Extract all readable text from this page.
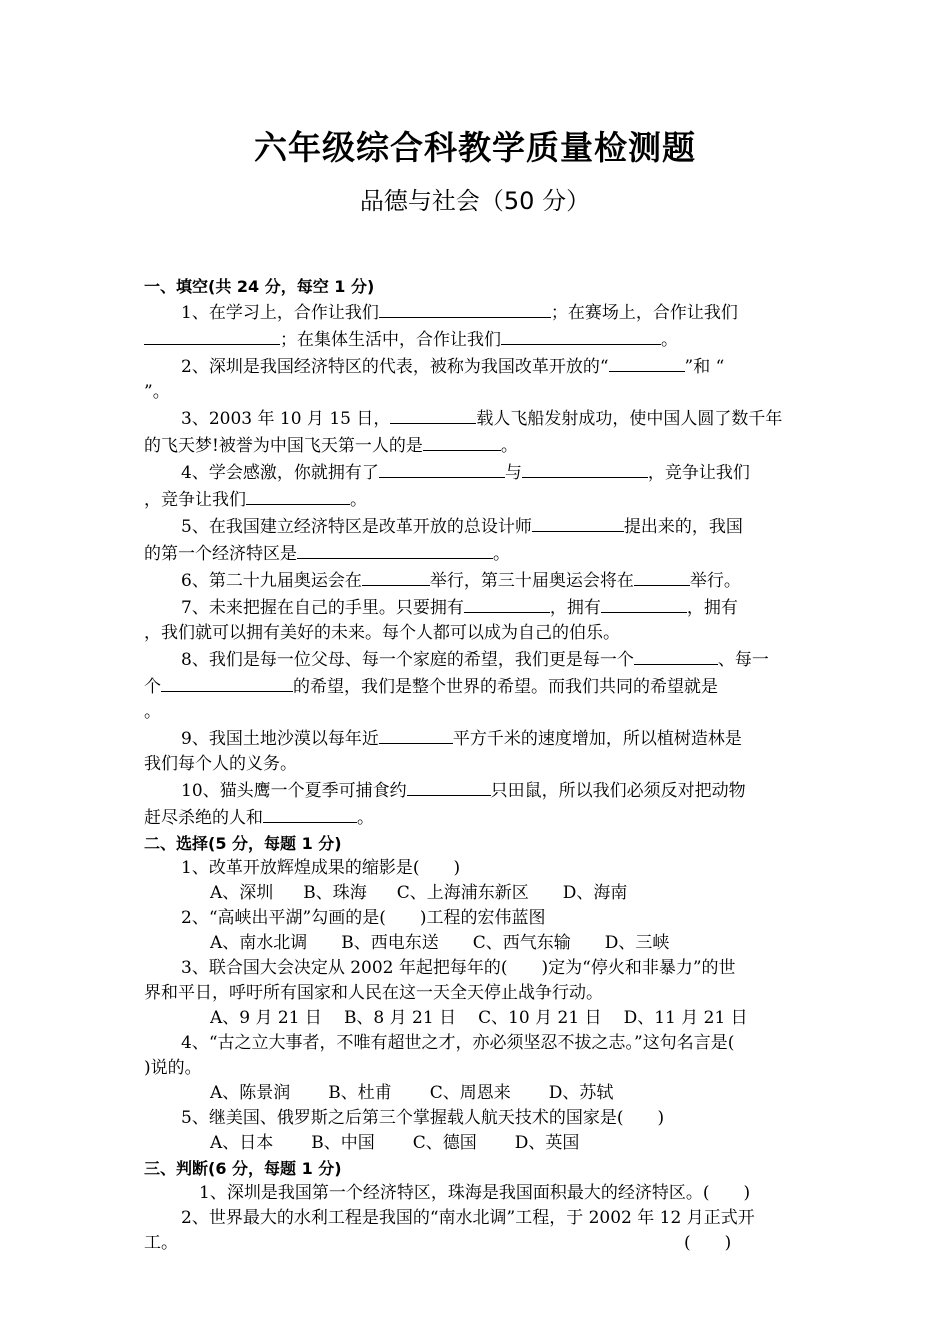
六年级综合科教学质量检测题
品德与社会（50 分）

一、填空(共 24 分，每空 1 分)

1、在学习上，合作让我们	；在赛场上，合作让我们

；在集体生活中，合作让我们	。

2、深圳是我国经济特区的代表，被称为我国改革开放的“	”和 “

”。

3、2003 年 10 月 15 日，	载人飞船发射成功，使中国人圆了数千年

的飞天梦!被誉为中国飞天第一人的是	。

4、学会感激，你就拥有了	与	，竞争让我们

，竞争让我们	。

5、在我国建立经济特区是改革开放的总设计师	提出来的，我国

的第一个经济特区是	。

6、第二十九届奥运会在	举行，第三十届奥运会将在	举行。

7、未来把握在自己的手里。只要拥有	，拥有	，拥有

，我们就可以拥有美好的未来。每个人都可以成为自己的伯乐。

8、我们是每一位父母、每一个家庭的希望，我们更是每一个	、每一

个	的希望，我们是整个世界的希望。而我们共同的希望就是

。

9、我国土地沙漠以每年近	平方千米的速度增加，所以植树造林是

我们每个人的义务。

10、猫头鹰一个夏季可捕食约	只田鼠，所以我们必须反对把动物

赶尽杀绝的人和	。

二、选择(5 分，每题 1 分)

1、改革开放辉煌成果的缩影是(　　)

A、深圳 B、珠海 C、上海浦东新区 D、海南

2、“高峡出平湖”勾画的是(　　)工程的宏伟蓝图

A、南水北调 B、西电东送 C、西气东输 D、三峡

3、联合国大会决定从 2002 年起把每年的(　　)定为“停火和非暴力”的世

界和平日，呼吁所有国家和人民在这一天全天停止战争行动。

A、9 月 21 日 B、8 月 21 日 C、10 月 21 日 D、11 月 21 日

4、“古之立大事者，不唯有超世之才，亦必须坚忍不拔之志。”这句名言是(

)说的。

A、陈景润 B、杜甫 C、周恩来 D、苏轼

5、继美国、俄罗斯之后第三个掌握载人航天技术的国家是(　　)

A、日本 B、中国 C、德国 D、英国

三、判断(6 分，每题 1 分)

1、深圳是我国第一个经济特区，珠海是我国面积最大的经济特区。(　　)

2、世界最大的水利工程是我国的“南水北调”工程，于 2002 年 12 月正式开

工。	(　　)
